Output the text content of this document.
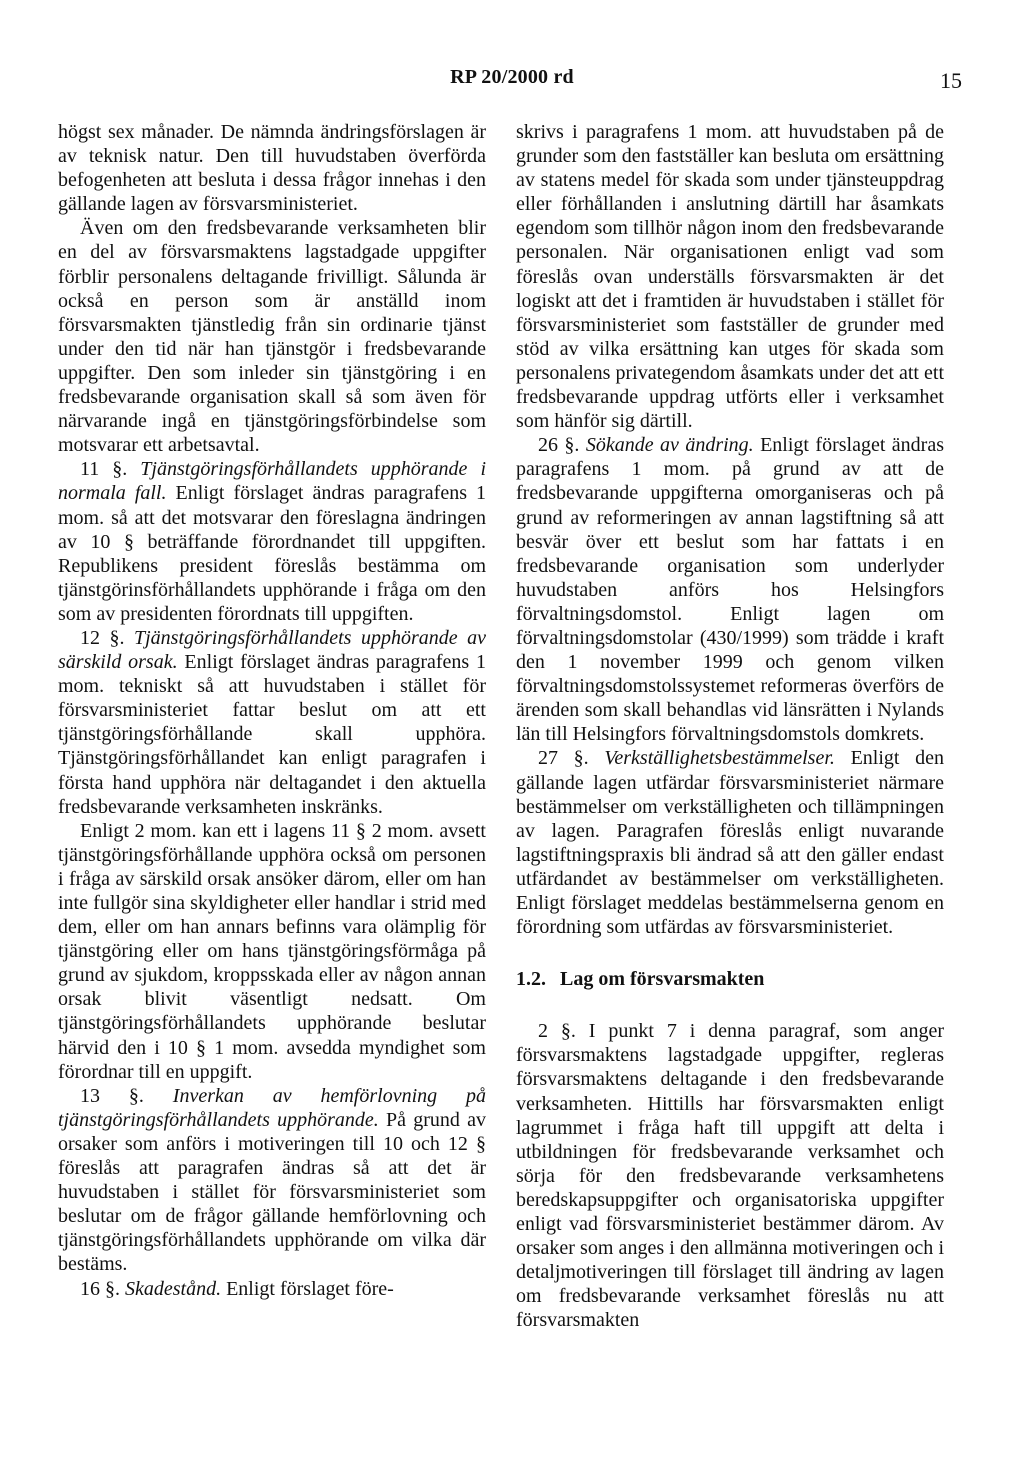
RP 20/2000 rd	15

högst sex månader. De nämnda ändringsförslagen är av teknisk natur. Den till huvudstaben överförda befogenheten att besluta i dessa frågor innehas i den gällande lagen av försvarsministeriet.

Även om den fredsbevarande verksamheten blir en del av försvarsmaktens lagstadgade uppgifter förblir personalens deltagande frivilligt. Sålunda är också en person som är anställd inom försvarsmakten tjänstledig från sin ordinarie tjänst under den tid när han tjänstgör i fredsbevarande uppgifter. Den som inleder sin tjänstgöring i en fredsbevarande organisation skall så som även för närvarande ingå en tjänstgöringsförbindelse som motsvarar ett arbetsavtal.

11 §. Tjänstgöringsförhållandets upphörande i normala fall. Enligt förslaget ändras paragrafens 1 mom. så att det motsvarar den föreslagna ändringen av 10 § beträffande förordnandet till uppgiften. Republikens president föreslås bestämma om tjänstgörinsförhållandets upphörande i fråga om den som av presidenten förordnats till uppgiften.

12 §. Tjänstgöringsförhållandets upphörande av särskild orsak. Enligt förslaget ändras paragrafens 1 mom. tekniskt så att huvudstaben i stället för försvarsministeriet fattar beslut om att ett tjänstgöringsförhållande skall upphöra. Tjänstgöringsförhållandet kan enligt paragrafen i första hand upphöra när deltagandet i den aktuella fredsbevarande verksamheten inskränks.

Enligt 2 mom. kan ett i lagens 11 § 2 mom. avsett tjänstgöringsförhållande upphöra också om personen i fråga av särskild orsak ansöker därom, eller om han inte fullgör sina skyldigheter eller handlar i strid med dem, eller om han annars befinns vara olämplig för tjänstgöring eller om hans tjänstgöringsförmåga på grund av sjukdom, kroppsskada eller av någon annan orsak blivit väsentligt nedsatt. Om tjänstgöringsförhållandets upphörande beslutar härvid den i 10 § 1 mom. avsedda myndighet som förordnar till en uppgift.

13 §. Inverkan av hemförlovning på tjänstgöringsförhållandets upphörande. På grund av orsaker som anförs i motiveringen till 10 och 12 § föreslås att paragrafen ändras så att det är huvudstaben i stället för försvarsministeriet som beslutar om de frågor gällande hemförlovning och tjänstgöringsförhållandets upphörande om vilka där bestäms.

16 §. Skadestånd. Enligt förslaget före-

skrivs i paragrafens 1 mom. att huvudstaben på de grunder som den fastställer kan besluta om ersättning av statens medel för skada som under tjänsteuppdrag eller förhållanden i anslutning därtill har åsamkats egendom som tillhör någon inom den fredsbevarande personalen. När organisationen enligt vad som föreslås ovan underställs försvarsmakten är det logiskt att det i framtiden är huvudstaben i stället för försvarsministeriet som fastställer de grunder med stöd av vilka ersättning kan utges för skada som personalens privategendom åsamkats under det att ett fredsbevarande uppdrag utförts eller i verksamhet som hänför sig därtill.

26 §. Sökande av ändring. Enligt förslaget ändras paragrafens 1 mom. på grund av att de fredsbevarande uppgifterna omorganiseras och på grund av reformeringen av annan lagstiftning så att besvär över ett beslut som har fattats i en fredsbevarande organisation som underlyder huvudstaben anförs hos Helsingfors förvaltningsdomstol. Enligt lagen om förvaltningsdomstolar (430/1999) som trädde i kraft den 1 november 1999 och genom vilken förvaltningsdomstolssystemet reformeras överförs de ärenden som skall behandlas vid länsrätten i Nylands län till Helsingfors förvaltningsdomstols domkrets.

27 §. Verkställighetsbestämmelser. Enligt den gällande lagen utfärdar försvarsministeriet närmare bestämmelser om verkställigheten och tillämpningen av lagen. Paragrafen föreslås enligt nuvarande lagstiftningspraxis bli ändrad så att den gäller endast utfärdandet av bestämmelser om verkställigheten. Enligt förslaget meddelas bestämmelserna genom en förordning som utfärdas av försvarsministeriet.

1.2. Lag om försvarsmakten

2 §. I punkt 7 i denna paragraf, som anger försvarsmaktens lagstadgade uppgifter, regleras försvarsmaktens deltagande i den fredsbevarande verksamheten. Hittills har försvarsmakten enligt lagrummet i fråga haft till uppgift att delta i utbildningen för fredsbevarande verksamhet och sörja för den fredsbevarande verksamhetens beredskapsuppgifter och organisatoriska uppgifter enligt vad försvarsministeriet bestämmer därom. Av orsaker som anges i den allmänna motiveringen och i detaljmotiveringen till förslaget till ändring av lagen om fredsbevarande verksamhet föreslås nu att försvarsmakten
